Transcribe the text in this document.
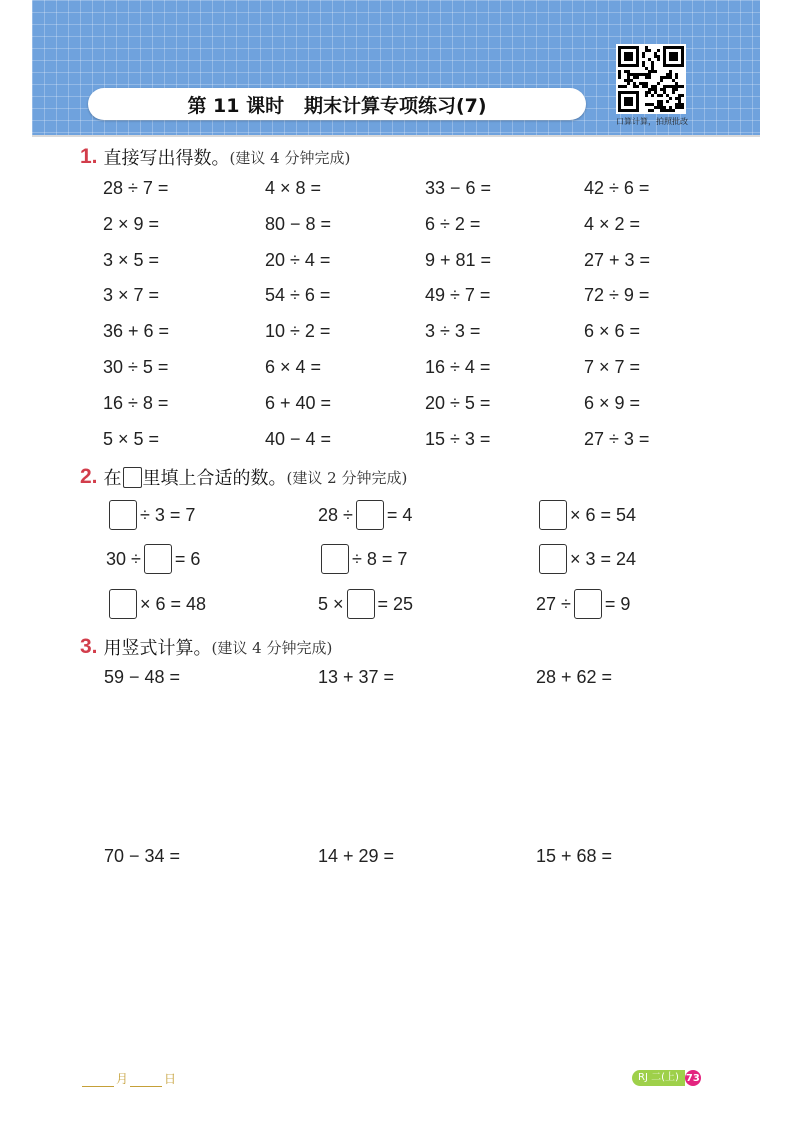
第 11 课时   期末计算专项练习(7)
口算计算，拍照批改
1. 直接写出得数。 (建议 4 分钟完成)
28 ÷ 7 =	4 × 8 =	33 − 6 =	42 ÷ 6 =
2 × 9 =	80 − 8 =	6 ÷ 2 =	4 × 2 =
3 × 5 =	20 ÷ 4 =	9 + 81 =	27 + 3 =
3 × 7 =	54 ÷ 6 =	49 ÷ 7 =	72 ÷ 9 =
36 + 6 =	10 ÷ 2 =	3 ÷ 3 =	6 × 6 =
30 ÷ 5 =	6 × 4 =	16 ÷ 4 =	7 × 7 =
16 ÷ 8 =	6 + 40 =	20 ÷ 5 =	6 × 9 =
5 × 5 =	40 − 4 =	15 ÷ 3 =	27 ÷ 3 =
2. 在 里填上合适的数。 (建议 2 分钟完成)
÷ 3 = 7	28 ÷ = 4	× 6 = 54
30 ÷ = 6	÷ 8 = 7	× 3 = 24
× 6 = 48	5 × = 25	27 ÷ = 9
3. 用竖式计算。 (建议 4 分钟完成)
59 − 48 =	13 + 37 =	28 + 62 =
70 − 34 =	14 + 29 =	15 + 68 =
月	日	RJ 二(上) 73
